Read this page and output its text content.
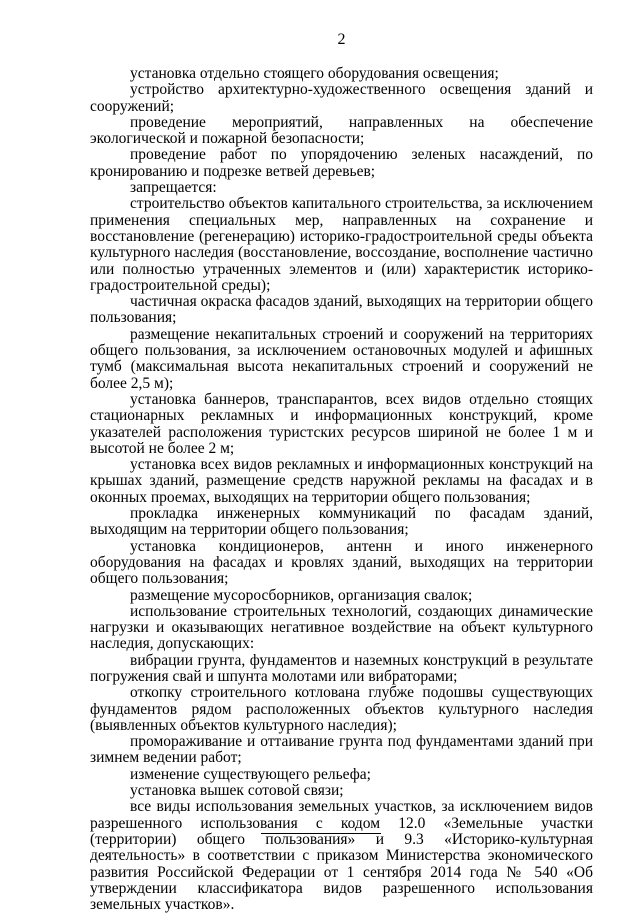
2

установка отдельно стоящего оборудования освещения;

устройство архитектурно-художественного освещения зданий и сооружений;

проведение мероприятий, направленных на обеспечение экологической и пожарной безопасности;

проведение работ по упорядочению зеленых насаждений, по кронированию и подрезке ветвей деревьев;

запрещается:

строительство объектов капитального строительства, за исключением применения специальных мер, направленных на сохранение и восстановление (регенерацию) историко-градостроительной среды объекта культурного наследия (восстановление, воссоздание, восполнение частично или полностью утраченных элементов и (или) характеристик историко-градостроительной среды);

частичная окраска фасадов зданий, выходящих на территории общего пользования;

размещение некапитальных строений и сооружений на территориях общего пользования, за исключением остановочных модулей и афишных тумб (максимальная высота некапитальных строений и сооружений не более 2,5 м);

установка баннеров, транспарантов, всех видов отдельно стоящих стационарных рекламных и информационных конструкций, кроме указателей расположения туристских ресурсов шириной не более 1 м и высотой не более 2 м;

установка всех видов рекламных и информационных конструкций на крышах зданий, размещение средств наружной рекламы на фасадах и в оконных проемах, выходящих на территории общего пользования;

прокладка инженерных коммуникаций по фасадам зданий, выходящим на территории общего пользования;

установка кондиционеров, антенн и иного инженерного оборудования на фасадах и кровлях зданий, выходящих на территории общего пользования;

размещение мусоросборников, организация свалок;

использование строительных технологий, создающих динамические нагрузки и оказывающих негативное воздействие на объект культурного наследия, допускающих:

вибрации грунта, фундаментов и наземных конструкций в результате погружения свай и шпунта молотами или вибраторами;

откопку строительного котлована глубже подошвы существующих фундаментов рядом расположенных объектов культурного наследия (выявленных объектов культурного наследия);

промораживание и оттаивание грунта под фундаментами зданий при зимнем ведении работ;

изменение существующего рельефа;

установка вышек сотовой связи;

все виды использования земельных участков, за исключением видов разрешенного использования с кодом 12.0 «Земельные участки (территории) общего пользования» и 9.3 «Историко-культурная деятельность» в соответствии с приказом Министерства экономического развития Российской Федерации от 1 сентября 2014 года № 540 «Об утверждении классификатора видов разрешенного использования земельных участков».
